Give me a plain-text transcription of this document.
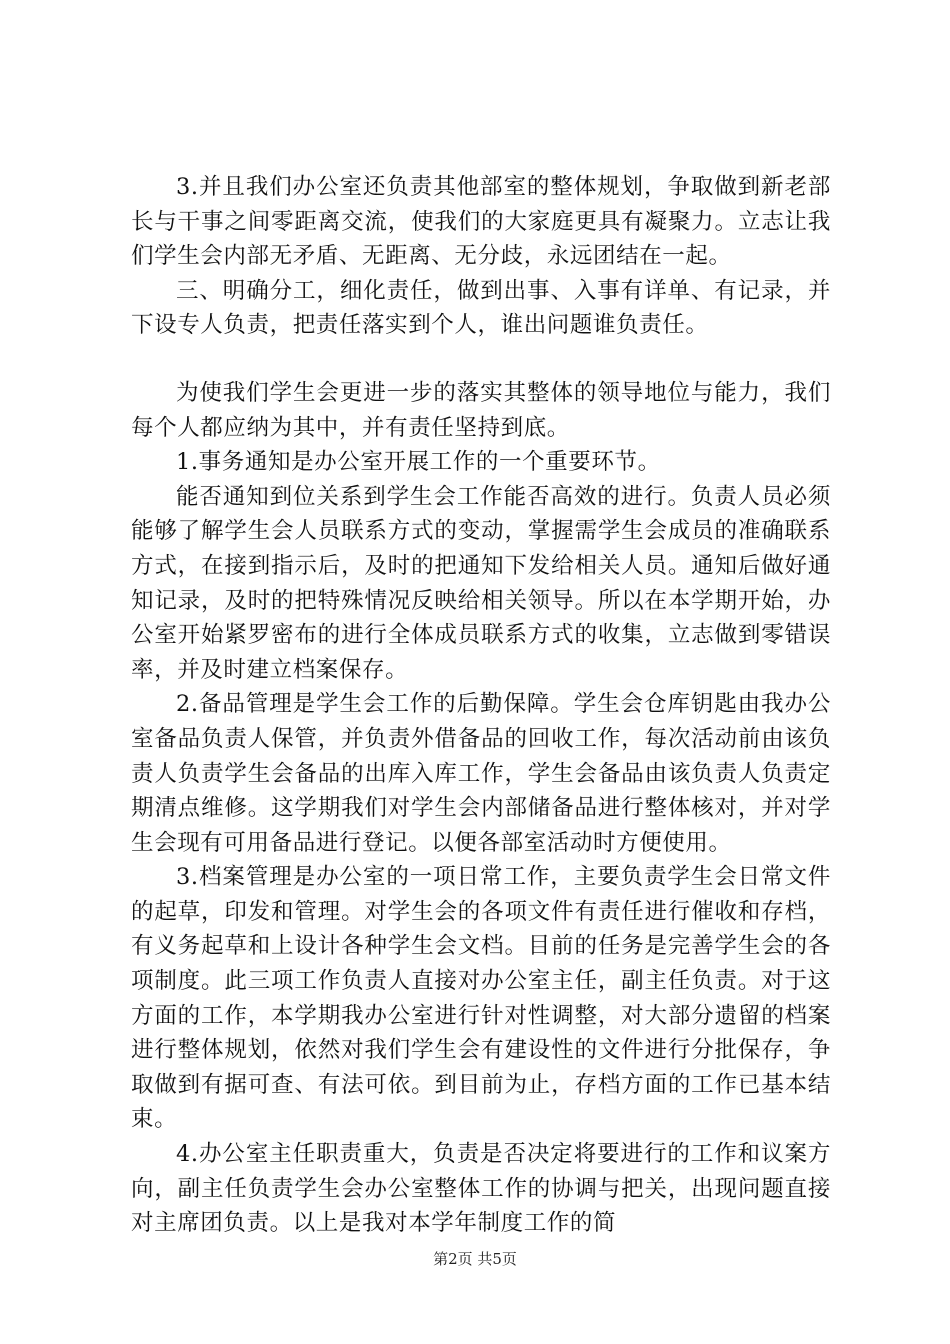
3.并且我们办公室还负责其他部室的整体规划，争取做到新老部长与干事之间零距离交流，使我们的大家庭更具有凝聚力。立志让我们学生会内部无矛盾、无距离、无分歧，永远团结在一起。

三、明确分工，细化责任，做到出事、入事有详单、有记录，并下设专人负责，把责任落实到个人，谁出问题谁负责任。

为使我们学生会更进一步的落实其整体的领导地位与能力，我们每个人都应纳为其中，并有责任坚持到底。

1.事务通知是办公室开展工作的一个重要环节。

能否通知到位关系到学生会工作能否高效的进行。负责人员必须能够了解学生会人员联系方式的变动，掌握需学生会成员的准确联系方式，在接到指示后，及时的把通知下发给相关人员。通知后做好通知记录，及时的把特殊情况反映给相关领导。所以在本学期开始，办公室开始紧罗密布的进行全体成员联系方式的收集，立志做到零错误率，并及时建立档案保存。

2.备品管理是学生会工作的后勤保障。学生会仓库钥匙由我办公室备品负责人保管，并负责外借备品的回收工作，每次活动前由该负责人负责学生会备品的出库入库工作，学生会备品由该负责人负责定期清点维修。这学期我们对学生会内部储备品进行整体核对，并对学生会现有可用备品进行登记。以便各部室活动时方便使用。

3.档案管理是办公室的一项日常工作，主要负责学生会日常文件的起草，印发和管理。对学生会的各项文件有责任进行催收和存档，有义务起草和上设计各种学生会文档。目前的任务是完善学生会的各项制度。此三项工作负责人直接对办公室主任，副主任负责。对于这方面的工作，本学期我办公室进行针对性调整，对大部分遗留的档案进行整体规划，依然对我们学生会有建设性的文件进行分批保存，争取做到有据可查、有法可依。到目前为止，存档方面的工作已基本结束。

4.办公室主任职责重大，负责是否决定将要进行的工作和议案方向，副主任负责学生会办公室整体工作的协调与把关，出现问题直接对主席团负责。以上是我对本学年制度工作的简

第2页 共5页
